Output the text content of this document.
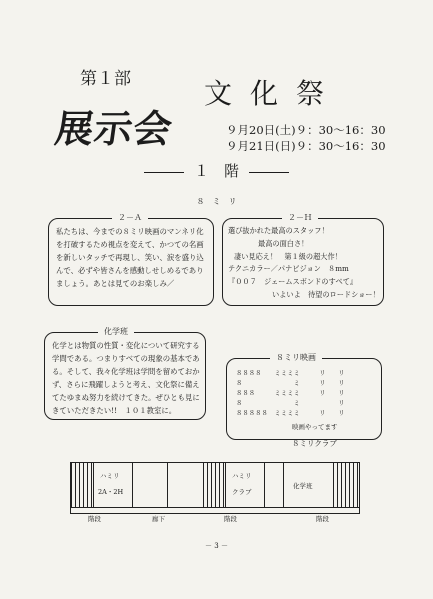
第１部	文化祭
展示会	９月20日(土)９：30〜16：30
９月21日(日)９：30〜16：30
１　階
８　ミ　リ
２－Ａ
私たちは、今までの８ミリ映画のマンネリ化を打破するため視点を変えて、かつての名画を新しいタッチで再現し、笑い、涙を盛り込んで、必ずや皆さんを感動しせしめるでありましょう。あとは見てのお楽しみ／
２－Ｈ
選び抜かれた最高のスタッフ！
最高の面白さ！
凄い見応え！　第１級の超大作！
テクニカラー／パナビジョン　８mm
『００７　ジェームスボンドのすべて』
いよいよ　待望のロードショー！
化学班
化学とは物質の性質・変化について研究する学問である。つまりすべての現象の基本である。そして、我々化学班は学問を留めておかず、さらに飛躍しようと考え、文化祭に備えてたゆまぬ努力を続けてきた。ぜひとも見にきていただきたい!!　１０１教室に。
８ミリ映画
８８８８　　ミミミミ　　　リ　　リ
８　　　　　　　　ミ　　　リ　　リ
８８８　　　ミミミミ　　　リ　　リ
８　　　　　　　　ミ　　　　　　リ
８８８８８　ミミミミ　　　リ　　リ
映画やってます
８ミリクラブ
ハミリ
2A・2H
ハミリ
クラブ
化学班
階段	廊下	階段	階段
－ 3 －
